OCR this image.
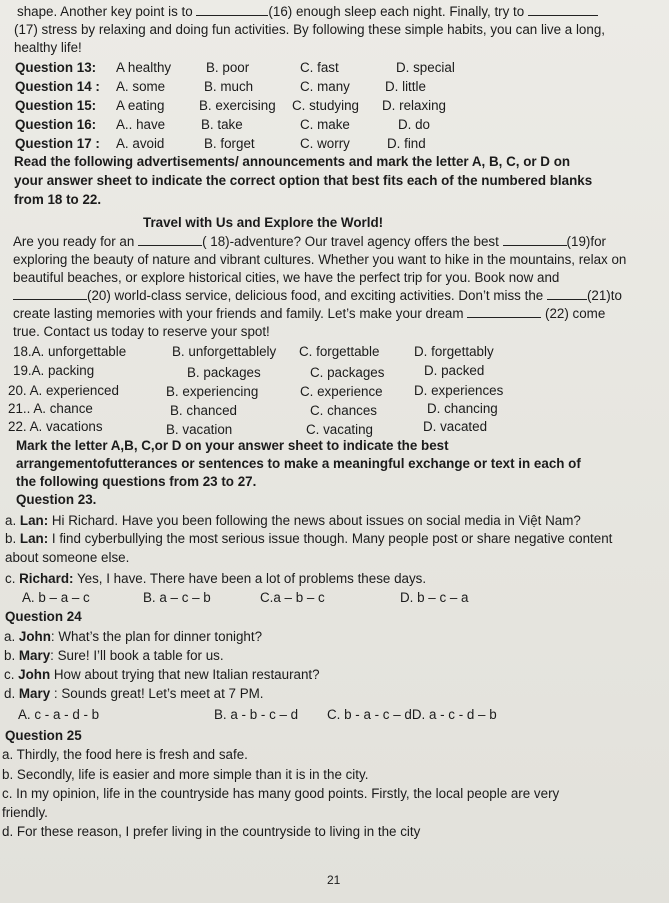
shape. Another key point is to	(16) enough sleep each night. Finally, try to
(17) stress by relaxing and doing fun activities. By following these simple habits, you can live a long,
healthy life!
Question 13: A healthy	B. poor	C. fast	D. special
Question 14 : A. some	B. much	C. many	D. little
Question 15: A eating	B. exercising C. studying D. relaxing
Question 16: A.. have	B. take	C. make	D. do
Question 17 : A. avoid	B. forget	C. worry	D. find
Read the following advertisements/ announcements and mark the letter A, B, C, or D on
your answer sheet to indicate the correct option that best fits each of the numbered blanks
from 18 to 22.
Travel with Us and Explore the World!
Are you ready for an	( 18)-adventure? Our travel agency offers the best	(19)for
exploring the beauty of nature and vibrant cultures. Whether you want to hike in the mountains, relax on
beautiful beaches, or explore historical cities, we have the perfect trip for you. Book now and
(20) world-class service, delicious food, and exciting activities. Don’t miss the	(21)to
create lasting memories with your friends and family. Let’s make your dream	(22) come
true. Contact us today to reserve your spot!
18.A. unforgettable	B. unforgettablely C. forgettable	D. forgettably
19.A. packing	B. packages	C. packages	D. packed
20. A. experienced	B. experiencing	C. experience D. experiences
21.. A. chance	B. chanced	C. chances	D. chancing
22. A. vacations	B. vacation	C. vacating	D. vacated
Mark the letter A,B, C,or D on your answer sheet to indicate the best
arrangementofutterances or sentences to make a meaningful exchange or text in each of
the following questions from 23 to 27.
Question 23.
a. Lan: Hi Richard. Have you been following the news about issues on social media in Việt Nam?
b. Lan: I find cyberbullying the most serious issue though. Many people post or share negative content
about someone else.
c. Richard: Yes, I have. There have been a lot of problems these days.
A. b – a – c	B. a – c – b	C.a – b – c	D. b – c – a
Question 24
a. John: What’s the plan for dinner tonight?
b. Mary: Sure! I’ll book a table for us.
c. John How about trying that new Italian restaurant?
d. Mary : Sounds great! Let’s meet at 7 PM.
A. c - a - d - b	B. a - b - c – d C. b - a - c – dD. a - c - d – b
Question 25
a. Thirdly, the food here is fresh and safe.
b. Secondly, life is easier and more simple than it is in the city.
c. In my opinion, life in the countryside has many good points. Firstly, the local people are very
friendly.
d. For these reason, I prefer living in the countryside to living in the city
21
